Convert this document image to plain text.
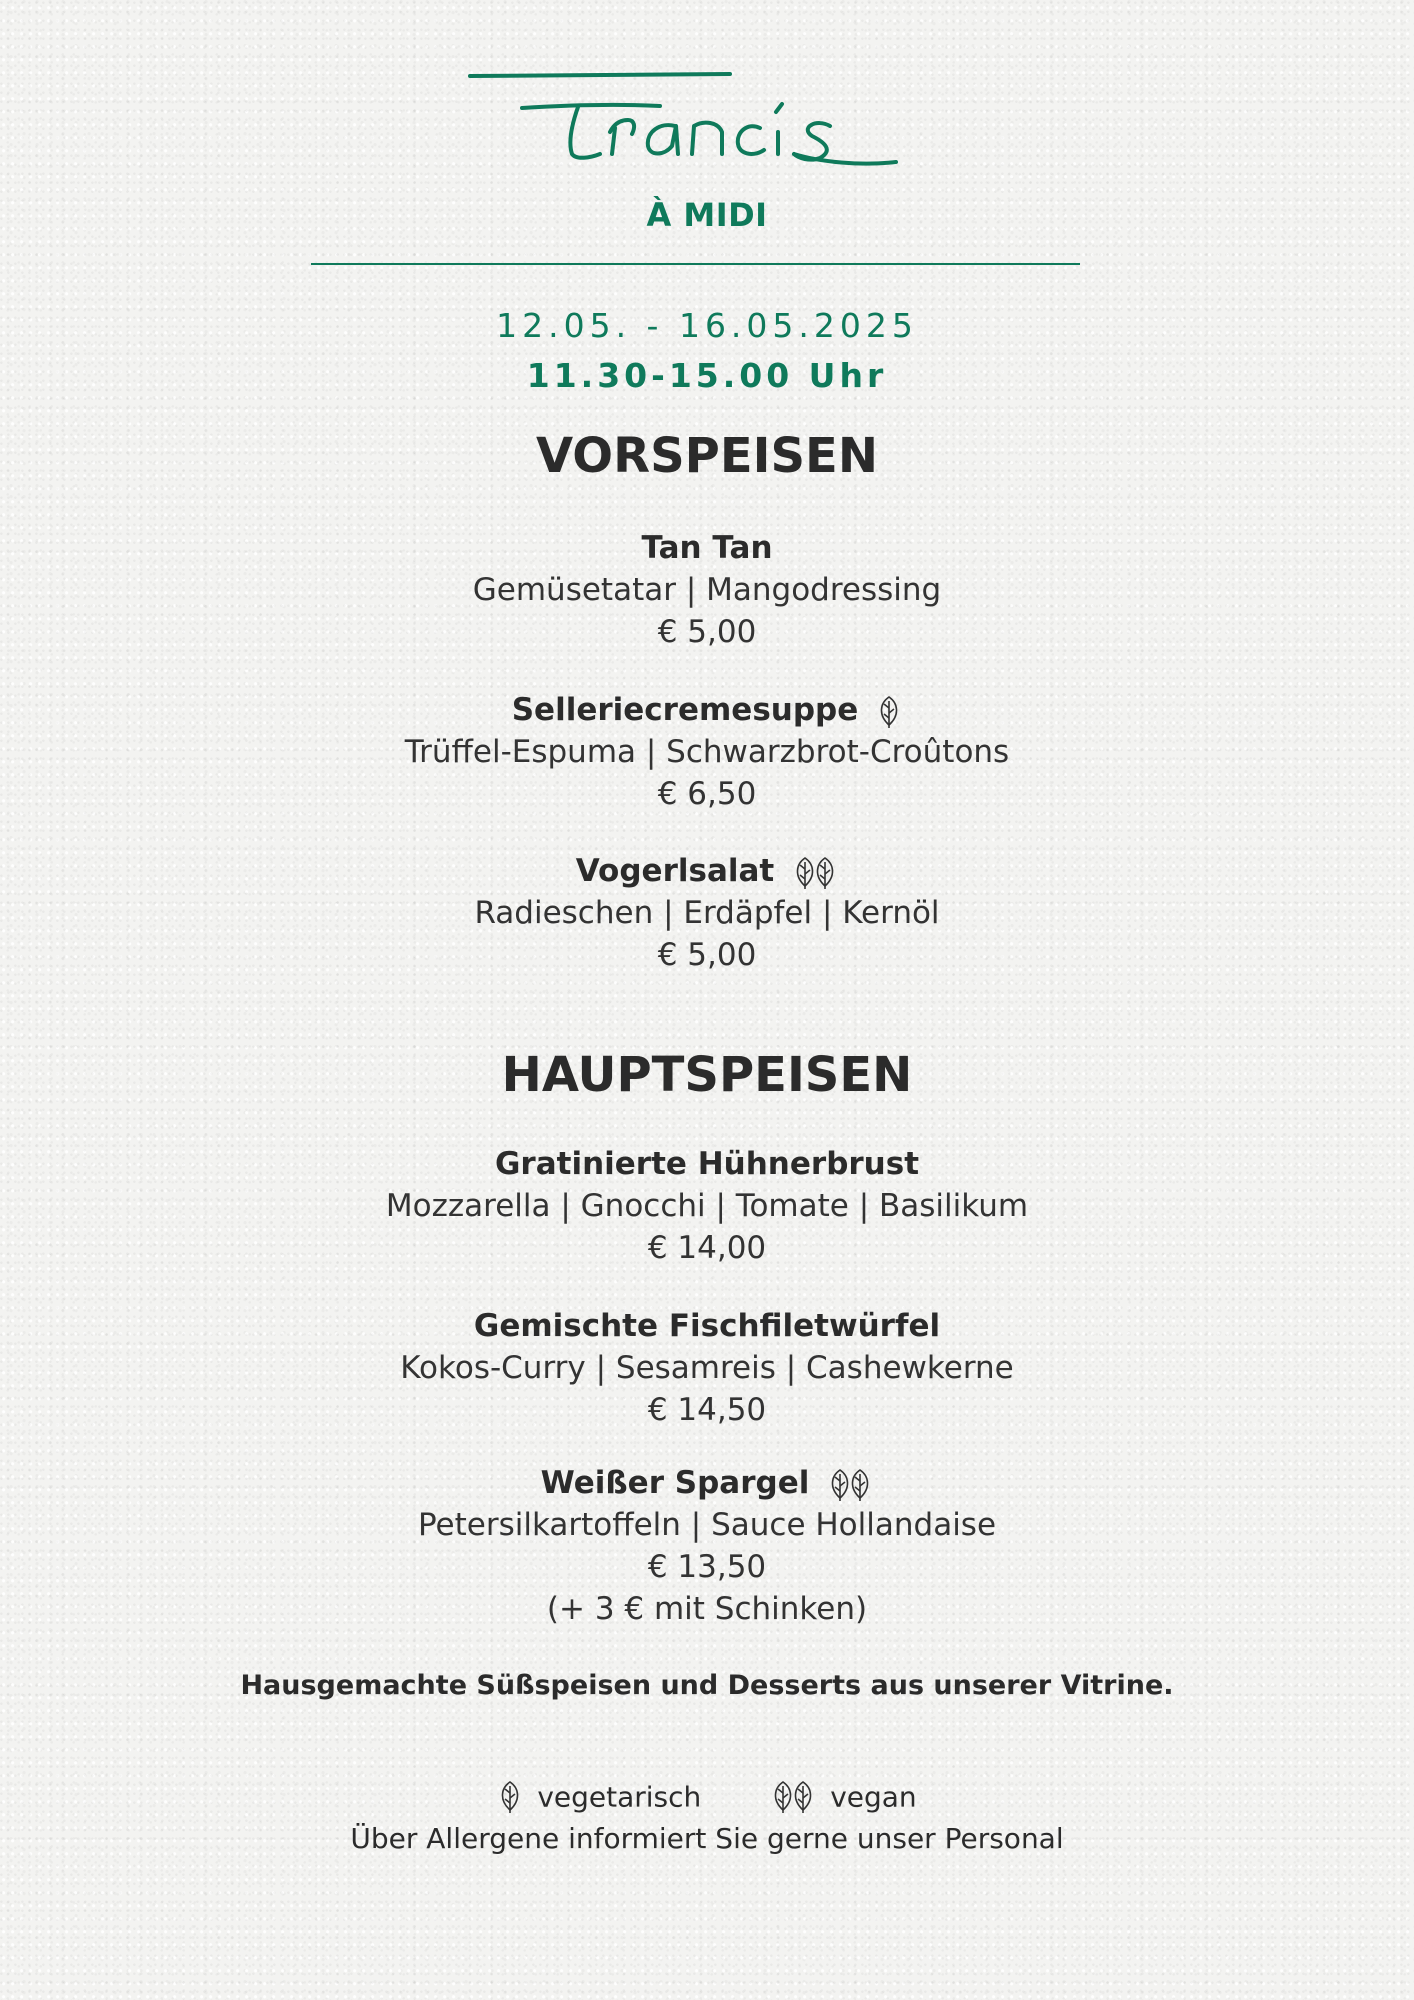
À MIDI
12.05. - 16.05.2025
11.30-15.00 Uhr
VORSPEISEN
Tan Tan
Gemüsetatar | Mangodressing
€ 5,00
Selleriecremesuppe
Trüffel-Espuma | Schwarzbrot-Croûtons
€ 6,50
Vogerlsalat
Radieschen | Erdäpfel | Kernöl
€ 5,00
HAUPTSPEISEN
Gratinierte Hühnerbrust
Mozzarella | Gnocchi | Tomate | Basilikum
€ 14,00
Gemischte Fischfiletwürfel
Kokos-Curry | Sesamreis | Cashewkerne
€ 14,50
Weißer Spargel
Petersilkartoffeln | Sauce Hollandaise
€ 13,50
(+ 3 € mit Schinken)
Hausgemachte Süßspeisen und Desserts aus unserer Vitrine.
vegetarisch	vegan
Über Allergene informiert Sie gerne unser Personal
